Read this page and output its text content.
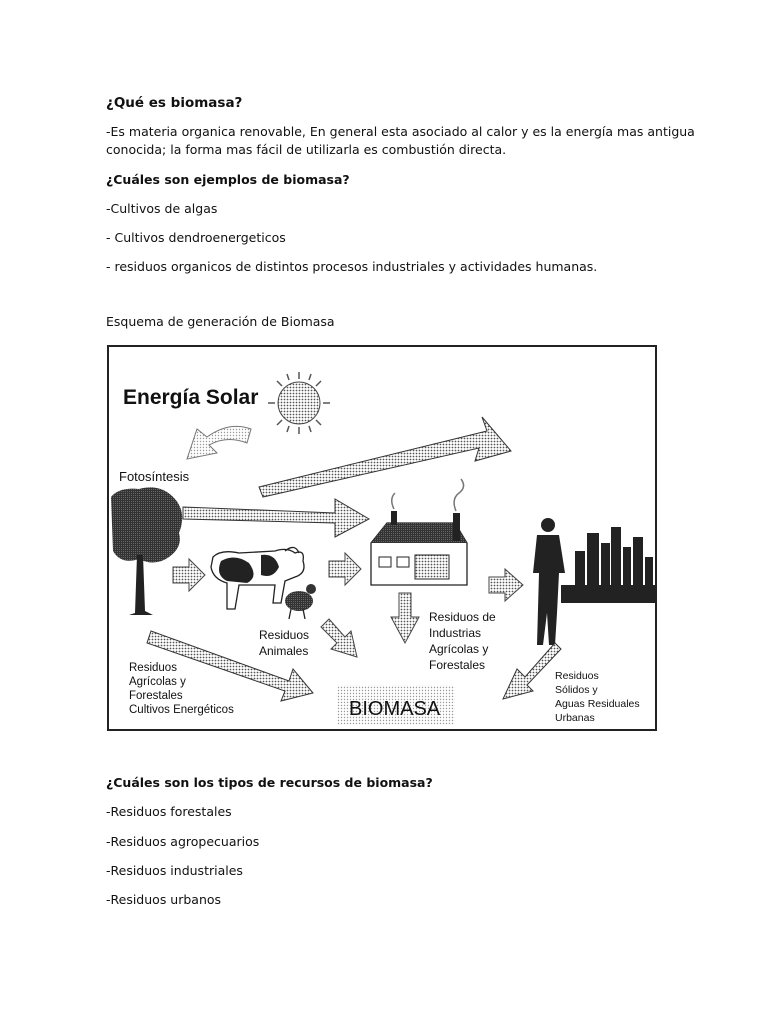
¿Qué es biomasa?

-Es materia organica renovable, En general esta asociado al calor y es la energía mas antigua

conocida; la forma mas fácil de utilizarla es combustión directa.

¿Cuáles son ejemplos de biomasa?

-Cultivos de algas

- Cultivos dendroenergeticos

- residuos organicos de distintos procesos industriales y actividades humanas.

Esquema de generación de Biomasa

Energía Solar
Fotosíntesis
Residuos
Animales
Residuos de
Industrias
Agrícolas y
Forestales
Residuos
Agrícolas y
Forestales
Cultivos Energéticos
Residuos
Sólidos y
Aguas Residuales
Urbanas
BIOMASA

¿Cuáles son los tipos de recursos de biomasa?

-Residuos forestales

-Residuos agropecuarios

-Residuos industriales

-Residuos urbanos
